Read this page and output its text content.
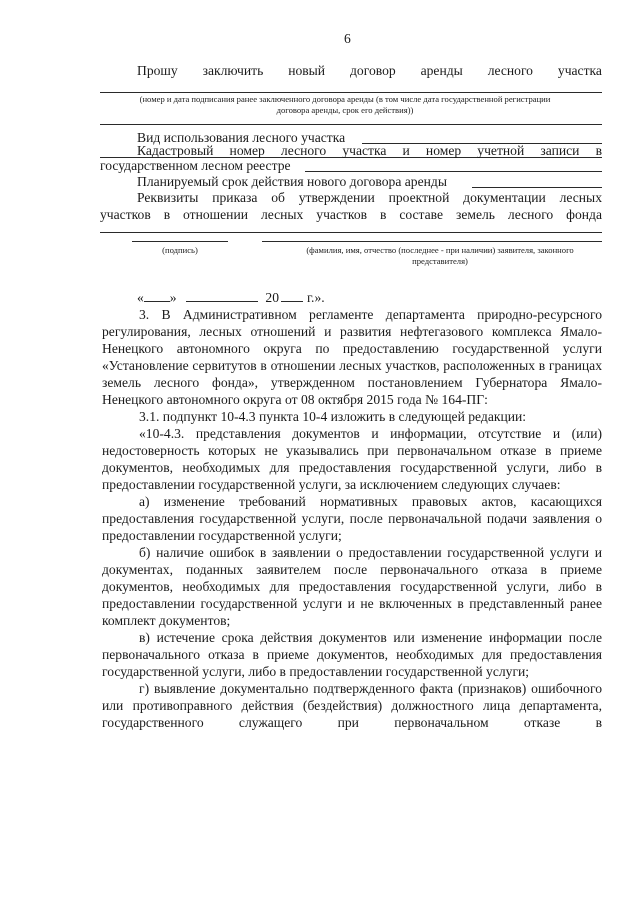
6
Прошу заключить новый договор аренды лесного участка
(номер и дата подписания ранее заключенного договора аренды (в том числе дата государственной регистрации договора аренды, срок его действия))
Вид использования лесного участка
Кадастровый номер лесного участка и номер учетной записи в
государственном лесном реестре
Планируемый срок действия нового договора аренды
Реквизиты приказа об утверждении проектной документации лесных
участков в отношении лесных участков в составе земель лесного фонда
(подпись)	(фамилия, имя, отчество (последнее - при наличии) заявителя, законного представителя)
« »	20 г.».

3. В Административном регламенте департамента природно-ресурсного регулирования, лесных отношений и развития нефтегазового комплекса Ямало-Ненецкого автономного округа по предоставлению государственной услуги «Установление сервитутов в отношении лесных участков, расположенных в границах земель лесного фонда», утвержденном постановлением Губернатора Ямало-Ненецкого автономного округа от 08 октября 2015 года № 164-ПГ:

3.1. подпункт 10-4.3 пункта 10-4 изложить в следующей редакции:

«10-4.3. представления документов и информации, отсутствие и (или) недостоверность которых не указывались при первоначальном отказе в приеме документов, необходимых для предоставления государственной услуги, либо в предоставлении государственной услуги, за исключением следующих случаев:

а) изменение требований нормативных правовых актов, касающихся предоставления государственной услуги, после первоначальной подачи заявления о предоставлении государственной услуги;

б) наличие ошибок в заявлении о предоставлении государственной услуги и документах, поданных заявителем после первоначального отказа в приеме документов, необходимых для предоставления государственной услуги, либо в предоставлении государственной услуги и не включенных в представленный ранее комплект документов;

в) истечение срока действия документов или изменение информации после первоначального отказа в приеме документов, необходимых для предоставления государственной услуги, либо в предоставлении государственной услуги;

г) выявление документально подтвержденного факта (признаков) ошибочного или противоправного действия (бездействия) должностного лица департамента, государственного служащего при первоначальном отказе в
